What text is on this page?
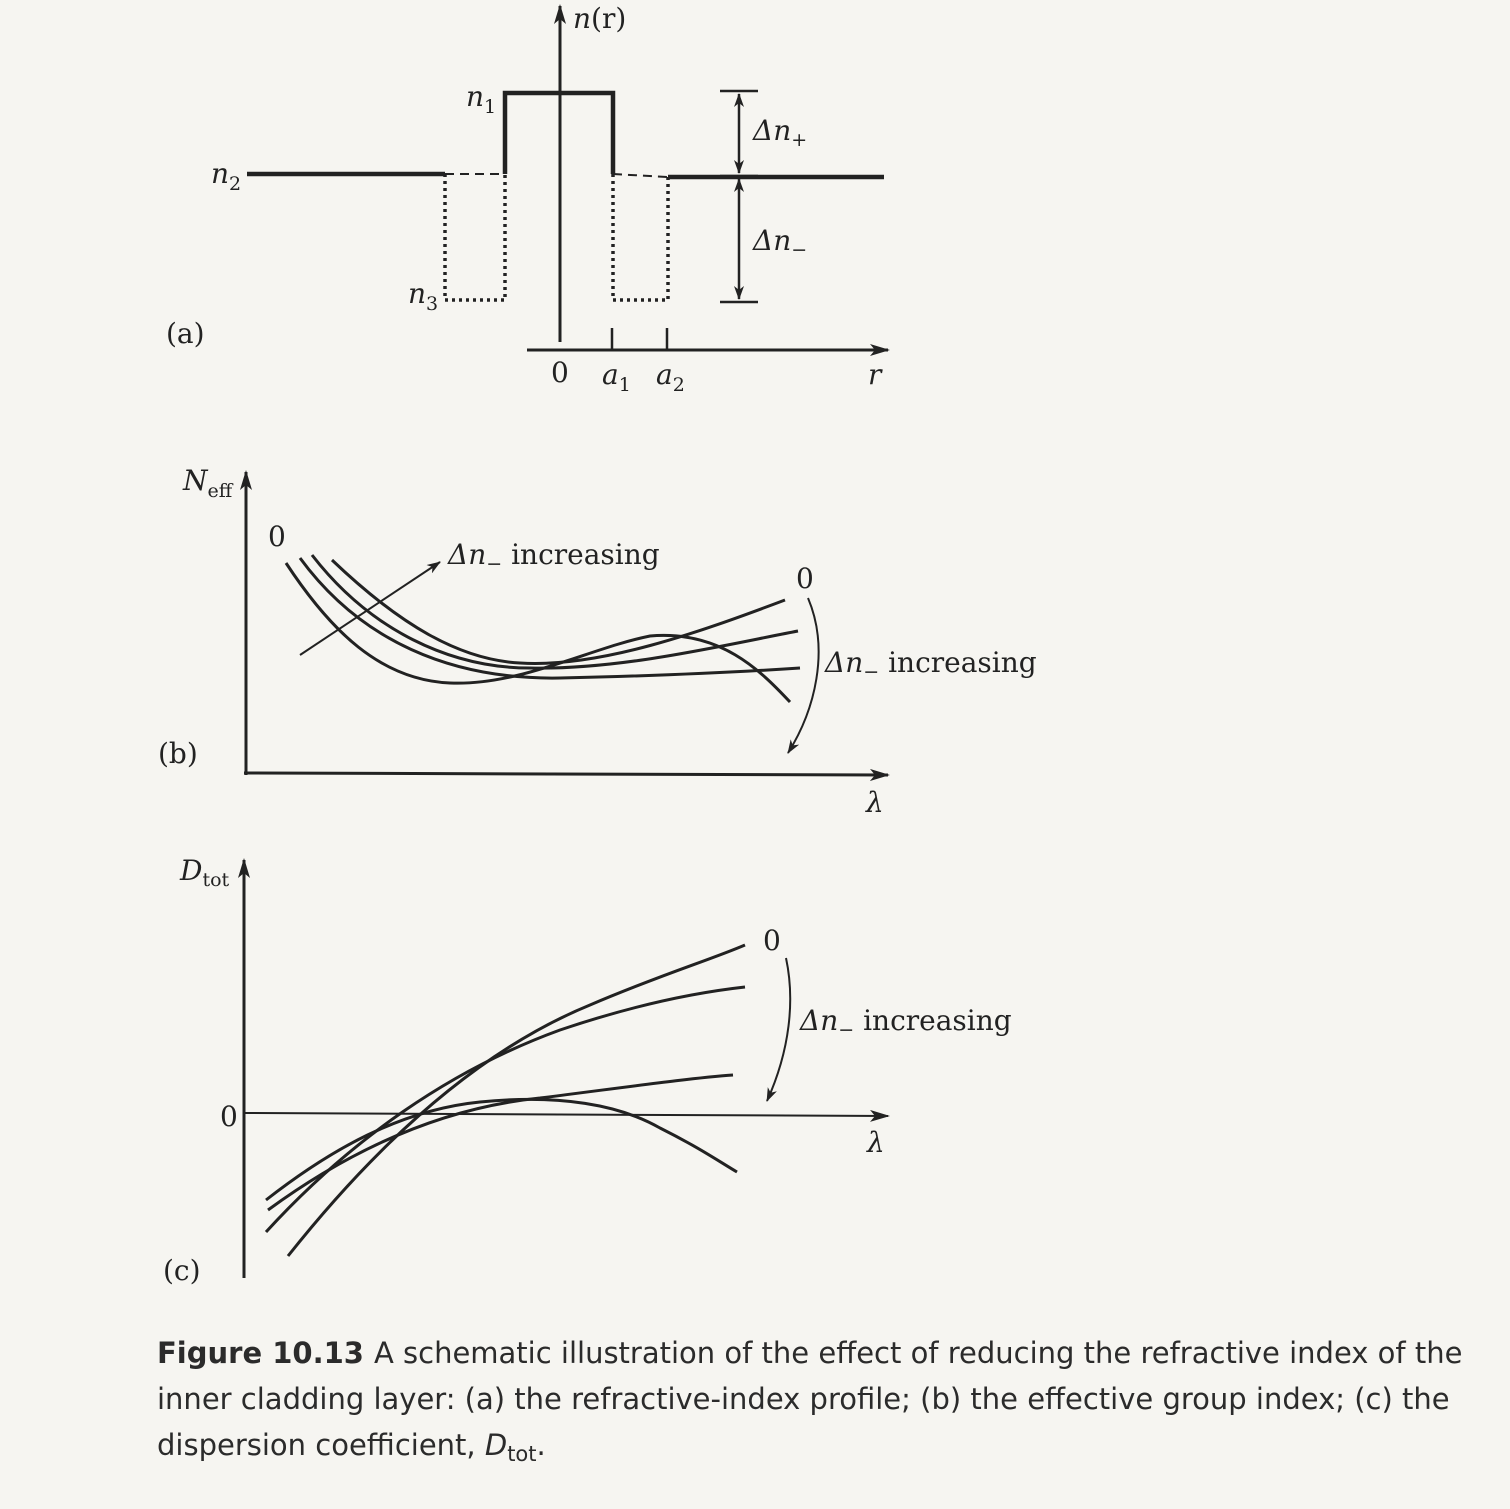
(a)
n(r)
r
0 $a_1$ $a_2$
$n_1$
$n_2$
$n_3$
$\Delta n_+$
$\Delta n_-$
(b)
$N_{eff}$
λ
0
$\Delta n_-$ increasing
0
$\Delta n_-$ increasing
(c)
$D_{tot}$
λ
0
0
$\Delta n_-$ increasing
Figure 10.13 A schematic illustration of the effect of reducing the refractive index of the inner cladding layer: (a) the refractive-index profile; (b) the effective group index; (c) the dispersion coefficient, $D_{tot}$.
